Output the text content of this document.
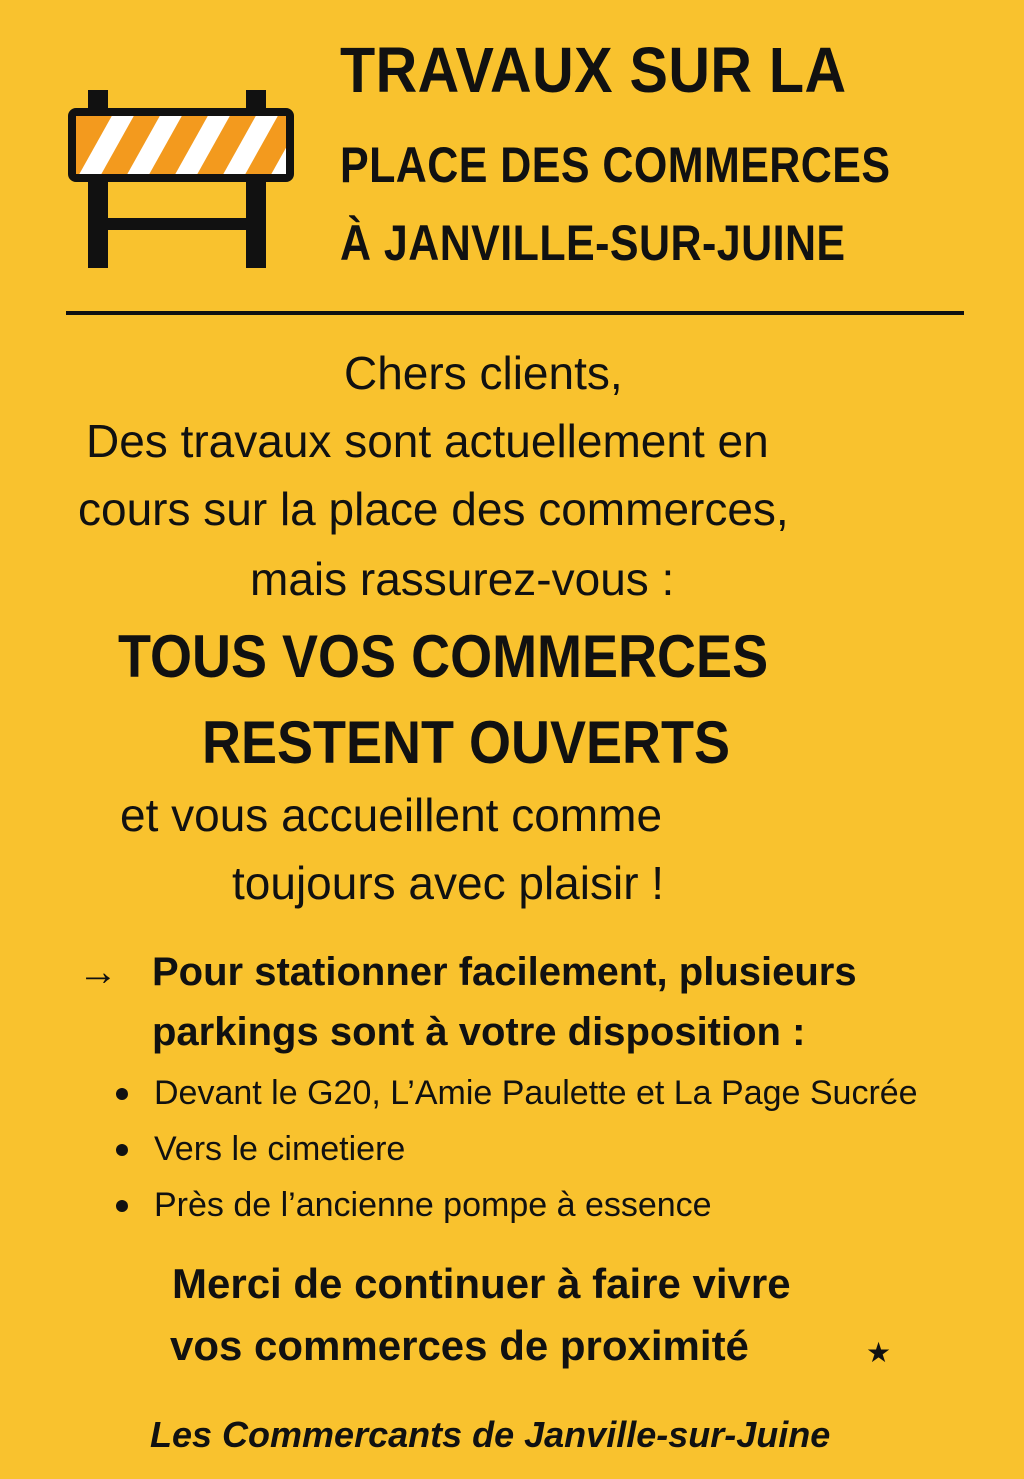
TRAVAUX SUR LA
PLACE DES COMMERCES
À JANVILLE-SUR-JUINE
Chers clients,
Des travaux sont actuellement en
cours sur la place des commerces,
mais rassurez-vous :
TOUS VOS COMMERCES
RESTENT OUVERTS
et vous accueillent comme
toujours avec plaisir !
→ Pour stationner facilement, plusieurs
parkings sont à votre disposition :
Devant le G20, L’Amie Paulette et La Page Sucrée
Vers le cimetiere
Près de l’ancienne pompe à essence
Merci de continuer à faire vivre
vos commerces de proximité	★
Les Commercants de Janville-sur-Juine
